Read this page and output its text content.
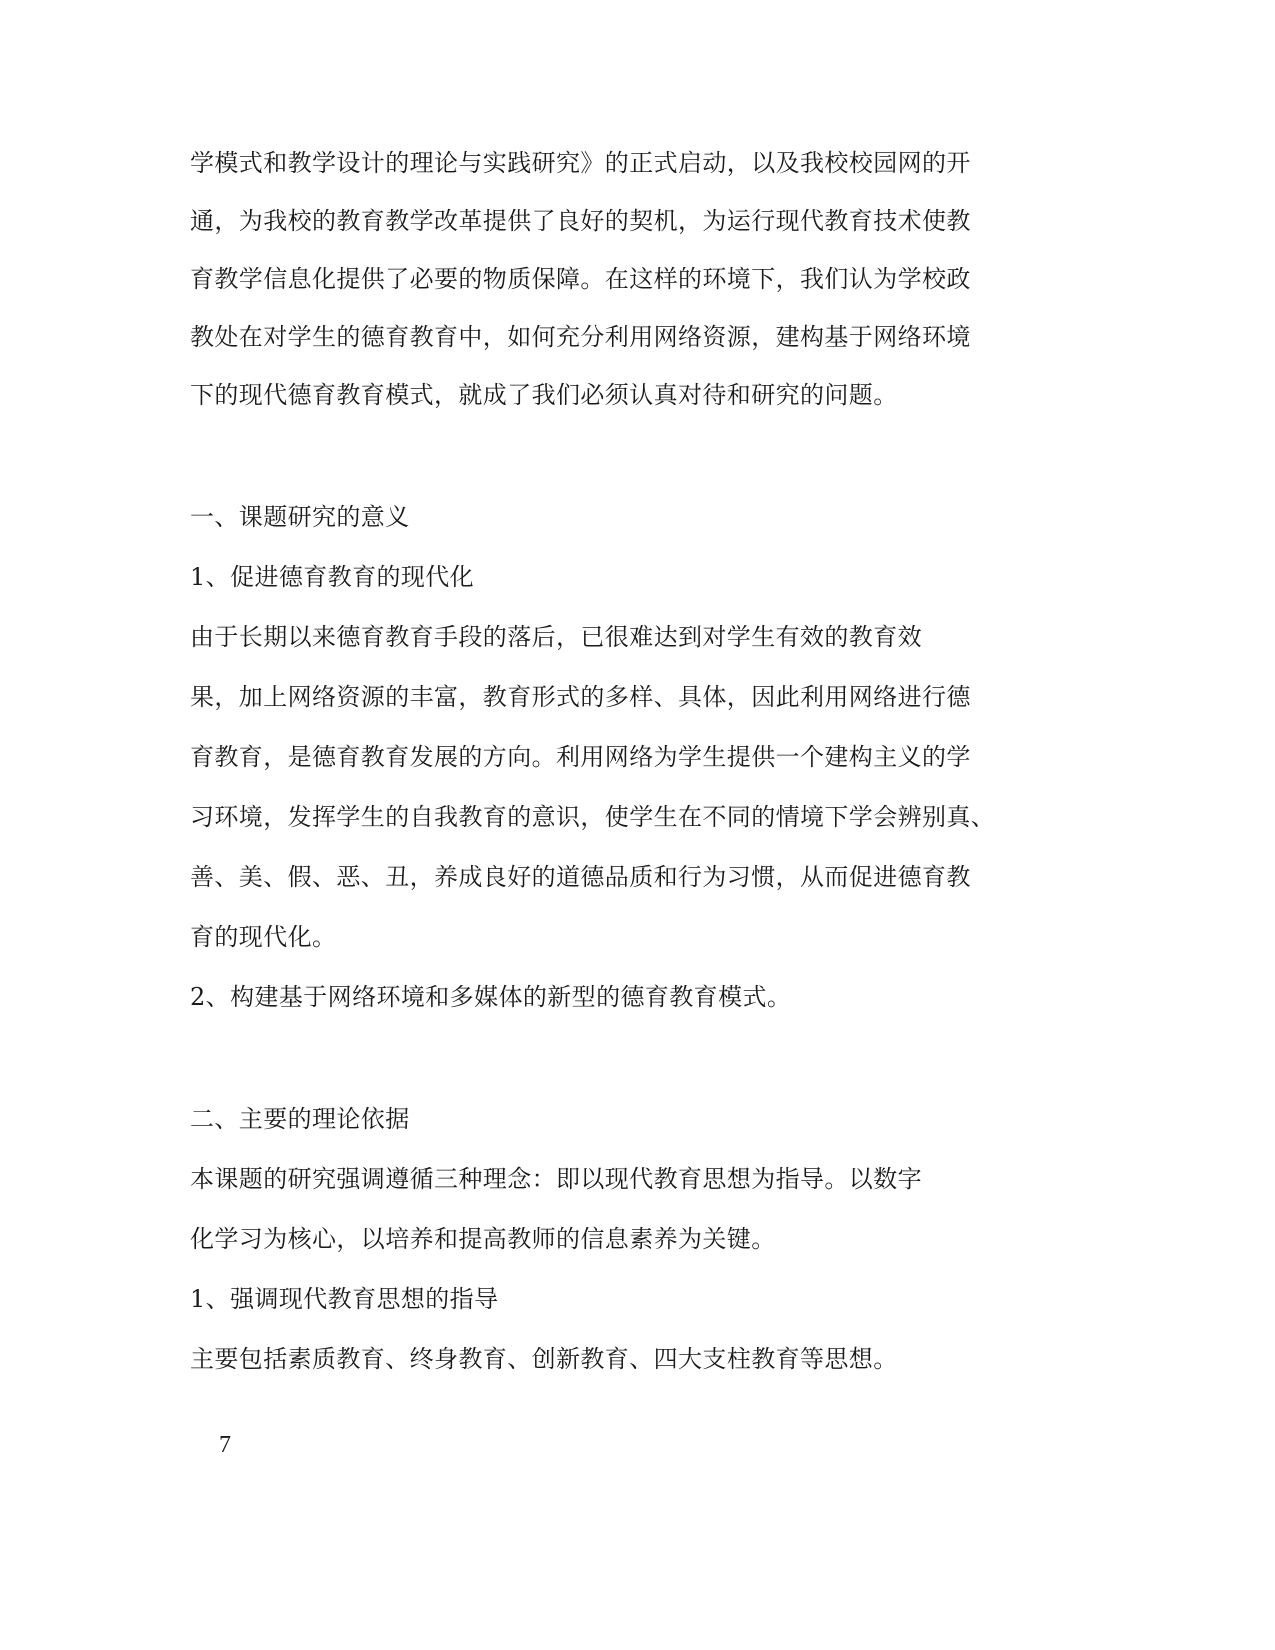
学模式和教学设计的理论与实践研究》的正式启动，以及我校校园网的开
通，为我校的教育教学改革提供了良好的契机，为运行现代教育技术使教
育教学信息化提供了必要的物质保障。在这样的环境下，我们认为学校政
教处在对学生的德育教育中，如何充分利用网络资源，建构基于网络环境
下的现代德育教育模式，就成了我们必须认真对待和研究的问题。
一、课题研究的意义
1、促进德育教育的现代化
由于长期以来德育教育手段的落后，已很难达到对学生有效的教育效
果，加上网络资源的丰富，教育形式的多样、具体，因此利用网络进行德
育教育，是德育教育发展的方向。利用网络为学生提供一个建构主义的学
习环境，发挥学生的自我教育的意识，使学生在不同的情境下学会辨别真、
善、美、假、恶、丑，养成良好的道德品质和行为习惯，从而促进德育教
育的现代化。
2、构建基于网络环境和多媒体的新型的德育教育模式。
二、主要的理论依据
本课题的研究强调遵循三种理念：即以现代教育思想为指导。以数字
化学习为核心，以培养和提高教师的信息素养为关键。
1、强调现代教育思想的指导
主要包括素质教育、终身教育、创新教育、四大支柱教育等思想。
7
